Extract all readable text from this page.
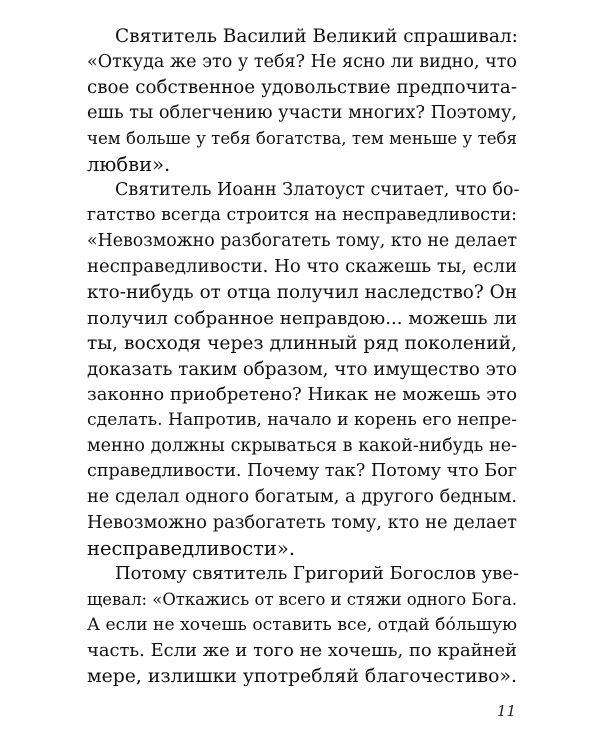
Святитель Василий Великий спрашивал:
«Откуда же это у тебя? Не ясно ли видно, что
свое собственное удовольствие предпочита-
ешь ты облегчению участи многих? Поэтому,
чем больше у тебя богатства, тем меньше у тебя
любви».
Святитель Иоанн Златоуст считает, что бо-
гатство всегда строится на несправедливости:
«Невозможно разбогатеть тому, кто не делает
несправедливости. Но что скажешь ты, если
кто-нибудь от отца получил наследство? Он
получил собранное неправдою... можешь ли
ты, восходя через длинный ряд поколений,
доказать таким образом, что имущество это
законно приобретено? Никак не можешь это
сделать. Напротив, начало и корень его непре-
менно должны скрываться в какой-нибудь не-
справедливости. Почему так? Потому что Бог
не сделал одного богатым, а другого бедным.
Невозможно разбогатеть тому, кто не делает
несправедливости».
Потому святитель Григорий Богослов уве-
щевал: «Откажись от всего и стяжи одного Бога.
А если не хочешь оставить все, отдай бо́льшую
часть. Если же и того не хочешь, по крайней
мере, излишки употребляй благочестиво».
11
